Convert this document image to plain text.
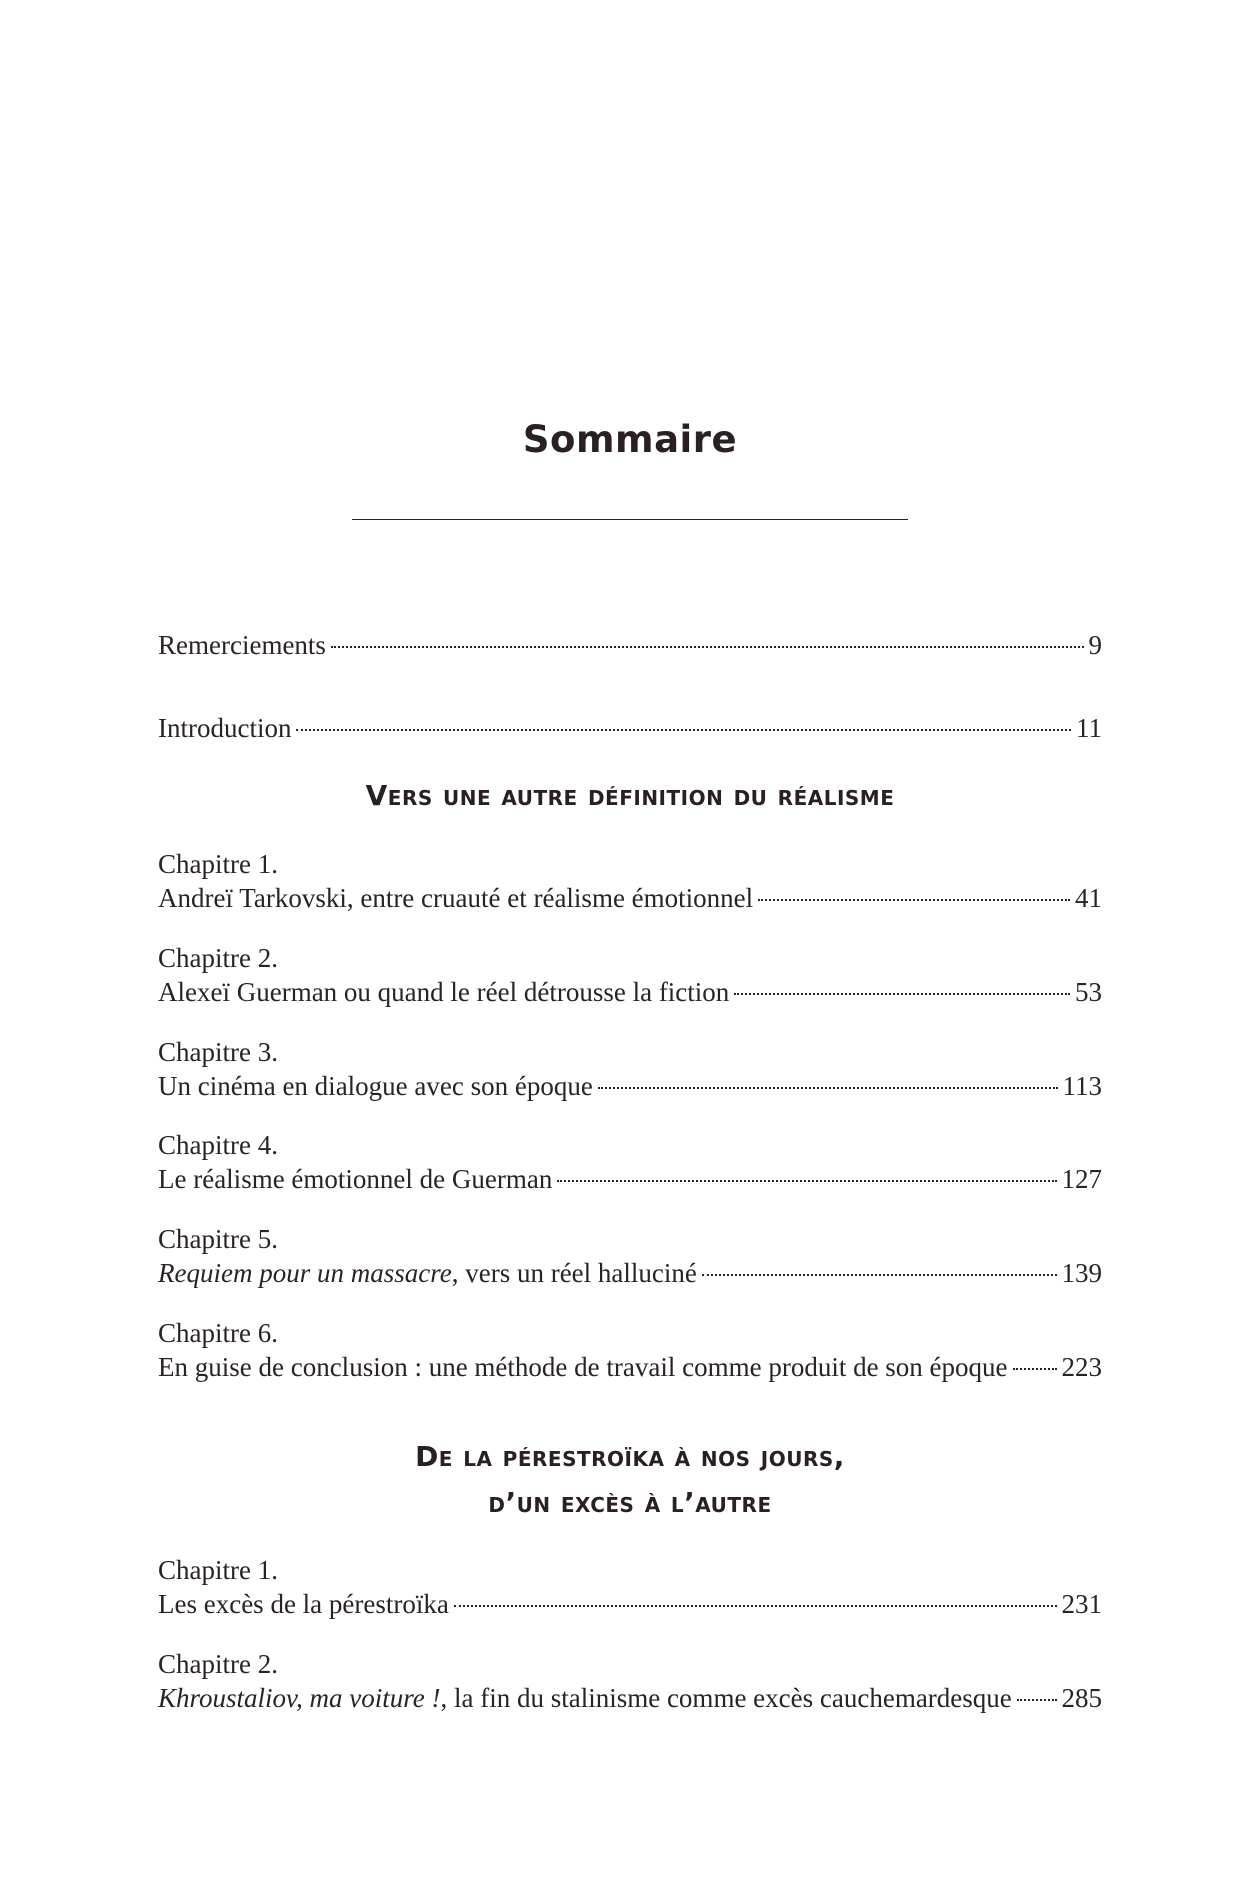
Sommaire
Remerciements	9
Introduction	11
Vers une autre définition du réalisme
Chapitre 1.
Andreï Tarkovski, entre cruauté et réalisme émotionnel	41
Chapitre 2.
Alexeï Guerman ou quand le réel détrousse la fiction	53
Chapitre 3.
Un cinéma en dialogue avec son époque	113
Chapitre 4.
Le réalisme émotionnel de Guerman	127
Chapitre 5.
Requiem pour un massacre, vers un réel halluciné	139
Chapitre 6.
En guise de conclusion : une méthode de travail comme produit de son époque 223
De la pérestroïka à nos jours,
d’un excès à l’autre
Chapitre 1.
Les excès de la pérestroïka	231
Chapitre 2.
Khroustaliov, ma voiture !, la fin du stalinisme comme excès cauchemardesque 285
